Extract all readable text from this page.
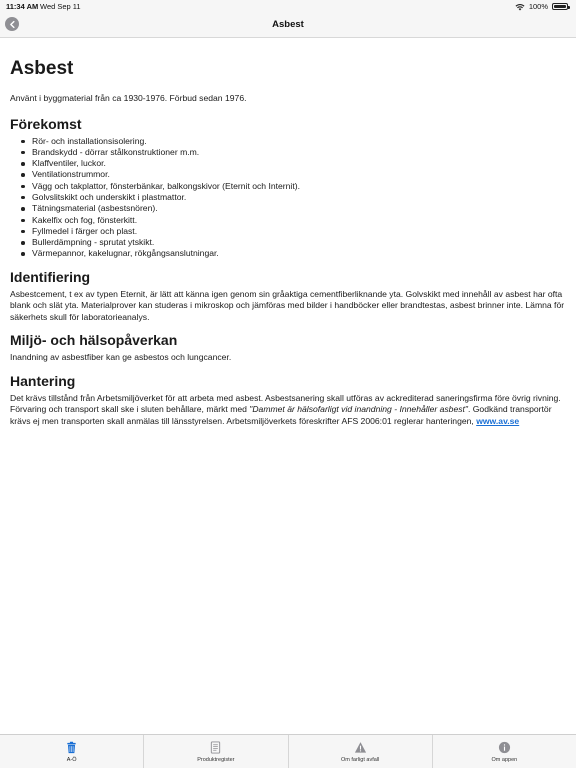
11:34 AM Wed Sep 11	100%
Asbest
Asbest

Använt i byggmaterial från ca 1930-1976. Förbud sedan 1976.

Förekomst
Rör- och installationsisolering.
Brandskydd - dörrar stålkonstruktioner m.m.
Klaffventiler, luckor.
Ventilationstrummor.
Vägg och takplattor, fönsterbänkar, balkongskivor (Eternit och Internit).
Golvslitskikt och underskikt i plastmattor.
Tätningsmaterial (asbestsnören).
Kakelfix och fog, fönsterkitt.
Fyllmedel i färger och plast.
Bullerdämpning - sprutat ytskikt.
Värmepannor, kakelugnar, rökgångsanslutningar.
Identifiering

Asbestcement, t ex av typen Eternit, är lätt att känna igen genom sin gråaktiga cementfiberliknande yta. Golvskikt med innehåll av asbest har ofta blank och slät yta. Materialprover kan studeras i mikroskop och jämföras med bilder i handböcker eller brandtestas, asbest brinner inte. Lämna för säkerhets skull för laboratorieanalys.

Miljö- och hälsopåverkan

Inandning av asbestfiber kan ge asbestos och lungcancer.

Hantering

Det krävs tillstånd från Arbetsmiljöverket för att arbeta med asbest. Asbestsanering skall utföras av ackrediterad saneringsfirma före övrig rivning. Förvaring och transport skall ske i sluten behållare, märkt med "Dammet är hälsofarligt vid inandning - Innehåller asbest". Godkänd transportör krävs ej men transporten skall anmälas till länsstyrelsen. Arbetsmiljöverkets föreskrifter AFS 2006:01 reglerar hanteringen, www.av.se

A-Ö	Produktregister	Om farligt avfall	Om appen
